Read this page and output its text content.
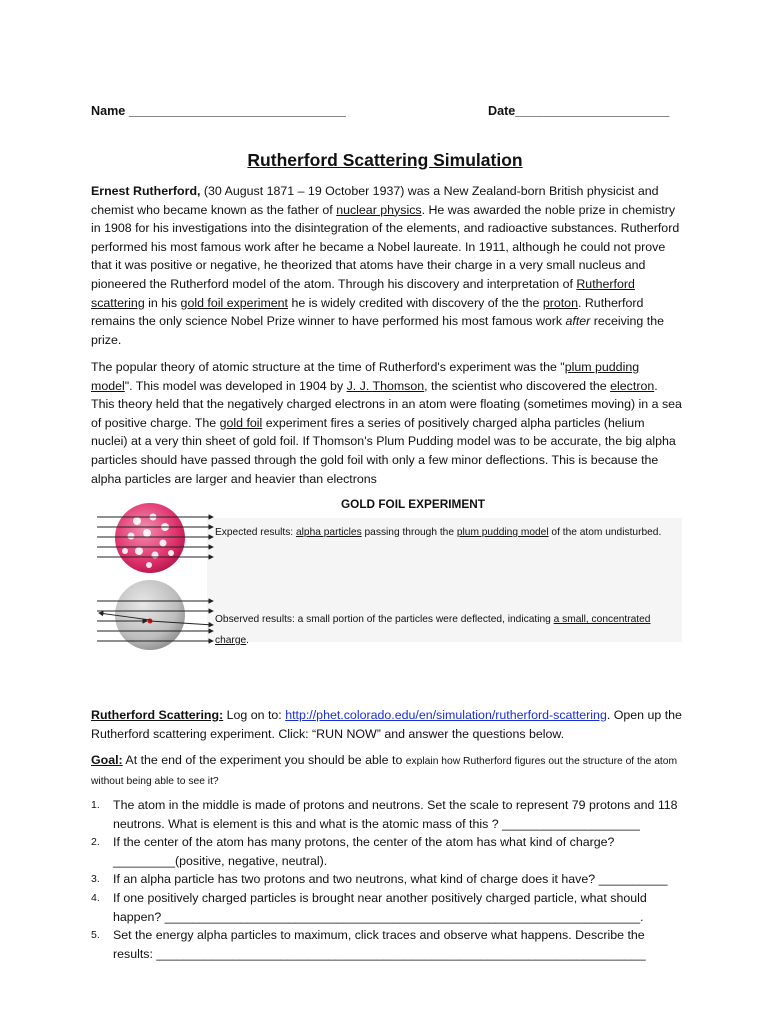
Name _______________________________	Date______________________
Rutherford Scattering Simulation
Ernest Rutherford, (30 August 1871 – 19 October 1937) was a New Zealand-born British physicist and chemist who became known as the father of nuclear physics. He was awarded the noble prize in chemistry in 1908 for his investigations into the disintegration of the elements, and radioactive substances. Rutherford performed his most famous work after he became a Nobel laureate. In 1911, although he could not prove that it was positive or negative, he theorized that atoms have their charge in a very small nucleus and pioneered the Rutherford model of the atom. Through his discovery and interpretation of Rutherford scattering in his gold foil experiment he is widely credited with discovery of the the proton. Rutherford remains the only science Nobel Prize winner to have performed his most famous work after receiving the prize.
The popular theory of atomic structure at the time of Rutherford's experiment was the "plum pudding model". This model was developed in 1904 by J. J. Thomson, the scientist who discovered the electron. This theory held that the negatively charged electrons in an atom were floating (sometimes moving) in a sea of positive charge. The gold foil experiment fires a series of positively charged alpha particles (helium nuclei) at a very thin sheet of gold foil. If Thomson's Plum Pudding model was to be accurate, the big alpha particles should have passed through the gold foil with only a few minor deflections. This is because the alpha particles are larger and heavier than electrons
GOLD FOIL EXPERIMENT
Expected results: alpha particles passing through the plum pudding model of the atom undisturbed.
Observed results: a small portion of the particles were deflected, indicating a small, concentrated charge.
Rutherford Scattering: Log on to: http://phet.colorado.edu/en/simulation/rutherford-scattering. Open up the Rutherford scattering experiment. Click: “RUN NOW” and answer the questions below.
Goal: At the end of the experiment you should be able to explain how Rutherford figures out the structure of the atom without being able to see it?
1. The atom in the middle is made of protons and neutrons. Set the scale to represent 79 protons and 118 neutrons. What is element is this and what is the atomic mass of this ? ____________________
2. If the center of the atom has many protons, the center of the atom has what kind of charge? _________(positive, negative, neutral).
3. If an alpha particle has two protons and two neutrons, what kind of charge does it have? __________
4. If one positively charged particles is brought near another positively charged particle, what should happen? _____________________________________________________________________.
5. Set the energy alpha particles to maximum, click traces and observe what happens. Describe the results: _______________________________________________________________________
